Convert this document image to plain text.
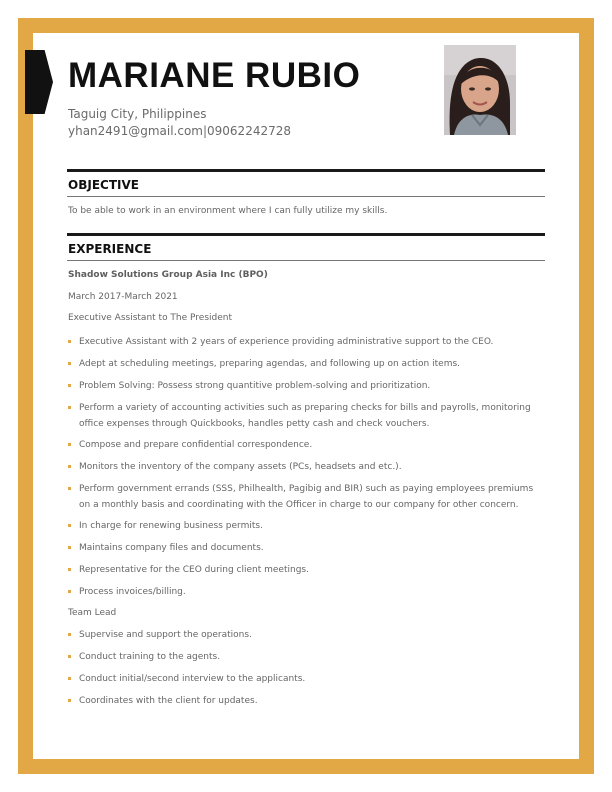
MARIANE RUBIO
Taguig City, Philippines
yhan2491@gmail.com|09062242728
OBJECTIVE
To be able to work in an environment where I can fully utilize my skills.
EXPERIENCE
Shadow Solutions Group Asia Inc (BPO)
March 2017-March 2021
Executive Assistant to The President
Executive Assistant with 2 years of experience providing administrative support to the CEO.
Adept at scheduling meetings, preparing agendas, and following up on action items.
Problem Solving: Possess strong quantitive problem-solving and prioritization.
Perform a variety of accounting activities such as preparing checks for bills and payrolls, monitoring office expenses through Quickbooks, handles petty cash and check vouchers.
Compose and prepare confidential correspondence.
Monitors the inventory of the company assets (PCs, headsets and etc.).
Perform government errands (SSS, Philhealth, Pagibig and BIR) such as paying employees premiums on a monthly basis and coordinating with the Officer in charge to our company for other concern.
In charge for renewing business permits.
Maintains company files and documents.
Representative for the CEO during client meetings.
Process invoices/billing.
Team Lead
Supervise and support the operations.
Conduct training to the agents.
Conduct initial/second interview to the applicants.
Coordinates with the client for updates.
